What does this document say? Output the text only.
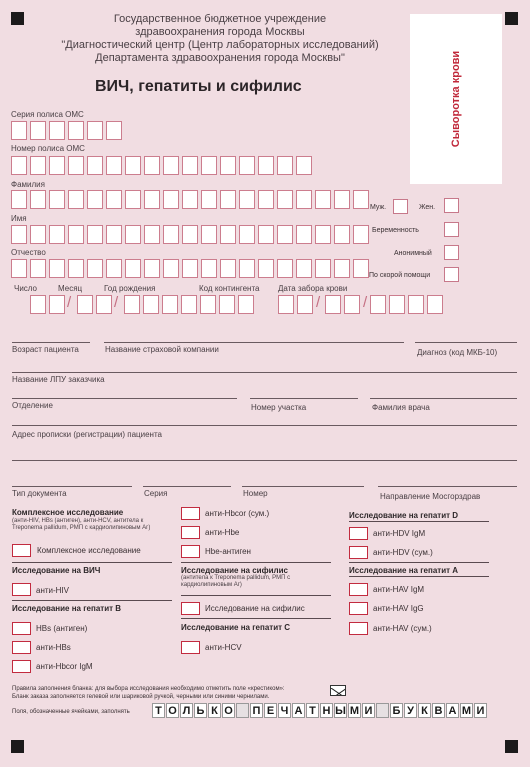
Государственное бюджетное учреждение
здравоохранения города Москвы
"Диагностический центр (Центр лабораторных исследований)
Департамента здравоохранения города Москвы"
ВИЧ, гепатиты и сифилис	Сыворотка крови
Серия полиса ОМС
Номер полиса ОМС
Фамилия
Имя
Отчество
Муж.	Жен.
Беременность
Анонимный
По скорой помощи
Число	Месяц	Год рождения	Код контингента Дата забора крови
/	/	/	/
Возраст пациента	Название страховой компании	Диагноз (код МКБ-10)
Название ЛПУ заказчика
Отделение	Номер участка	Фамилия врача
Адрес прописки (регистрации) пациента
Тип документа	Серия	Номер	Направление Мосгорздрав
Комплексное исследование
(анти-HIV, HBs (антиген), анти-HCV, антитела к Treponema pallidum, РМП с кардиолипиновым Аг)
Комплексное исследование
Исследование на ВИЧ
анти-HIV
Исследование на гепатит B
HBs (антиген)
анти-HBs
анти-Hbcor IgM
анти-Hbcor (сум.)
анти-Hbe
Hbe-антиген
Исследование на сифилис
(антитела к Treponema pallidum, РМП с кардиолипиновым Аг)
Исследование на сифилис
Исследование на гепатит C
анти-HCV
Исследование на гепатит D
анти-HDV IgM
анти-HDV (сум.)
Исследование на гепатит A
анти-HAV IgM
анти-HAV IgG
анти-HAV (сум.)
Правила заполнения бланка: для выбора исследования необходимо отметить поле «крестиком»:
Бланк заказа заполняется гелевой или шариковой ручкой, черными или синими чернилами.
Поля, обозначенные ячейками, заполнять Т О Л Ь К О П Е Ч А Т Н Ы М И Б У К В А М И
